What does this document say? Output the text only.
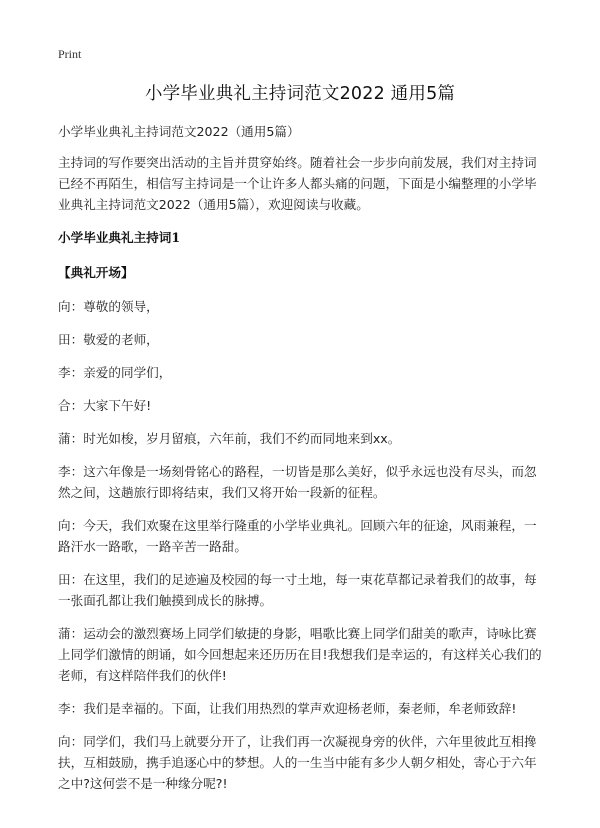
Print
小学毕业典礼主持词范文2022 通用5篇

小学毕业典礼主持词范文2022（通用5篇）

主持词的写作要突出活动的主旨并贯穿始终。随着社会一步步向前发展，我们对主持词已经不再陌生，相信写主持词是一个让许多人都头痛的问题，下面是小编整理的小学毕业典礼主持词范文2022（通用5篇），欢迎阅读与收藏。

小学毕业典礼主持词1
【典礼开场】

向：尊敬的领导，

田：敬爱的老师，

李：亲爱的同学们，

合：大家下午好!

蒲：时光如梭，岁月留痕，六年前，我们不约而同地来到xx。

李：这六年像是一场刻骨铭心的路程，一切皆是那么美好，似乎永远也没有尽头，而忽然之间，这趟旅行即将结束，我们又将开始一段新的征程。

向：今天，我们欢聚在这里举行隆重的小学毕业典礼。回顾六年的征途，风雨兼程，一路汗水一路歌，一路辛苦一路甜。

田：在这里，我们的足迹遍及校园的每一寸土地，每一束花草都记录着我们的故事，每一张面孔都让我们触摸到成长的脉搏。

蒲：运动会的激烈赛场上同学们敏捷的身影，唱歌比赛上同学们甜美的歌声，诗咏比赛上同学们激情的朗诵，如今回想起来还历历在目!我想我们是幸运的，有这样关心我们的老师，有这样陪伴我们的伙伴!

李：我们是幸福的。下面，让我们用热烈的掌声欢迎杨老师，秦老师，牟老师致辞!

向：同学们，我们马上就要分开了，让我们再一次凝视身旁的伙伴，六年里彼此互相搀扶，互相鼓励，携手追逐心中的梦想。人的一生当中能有多少人朝夕相处，寄心于六年之中?这何尝不是一种缘分呢?!
